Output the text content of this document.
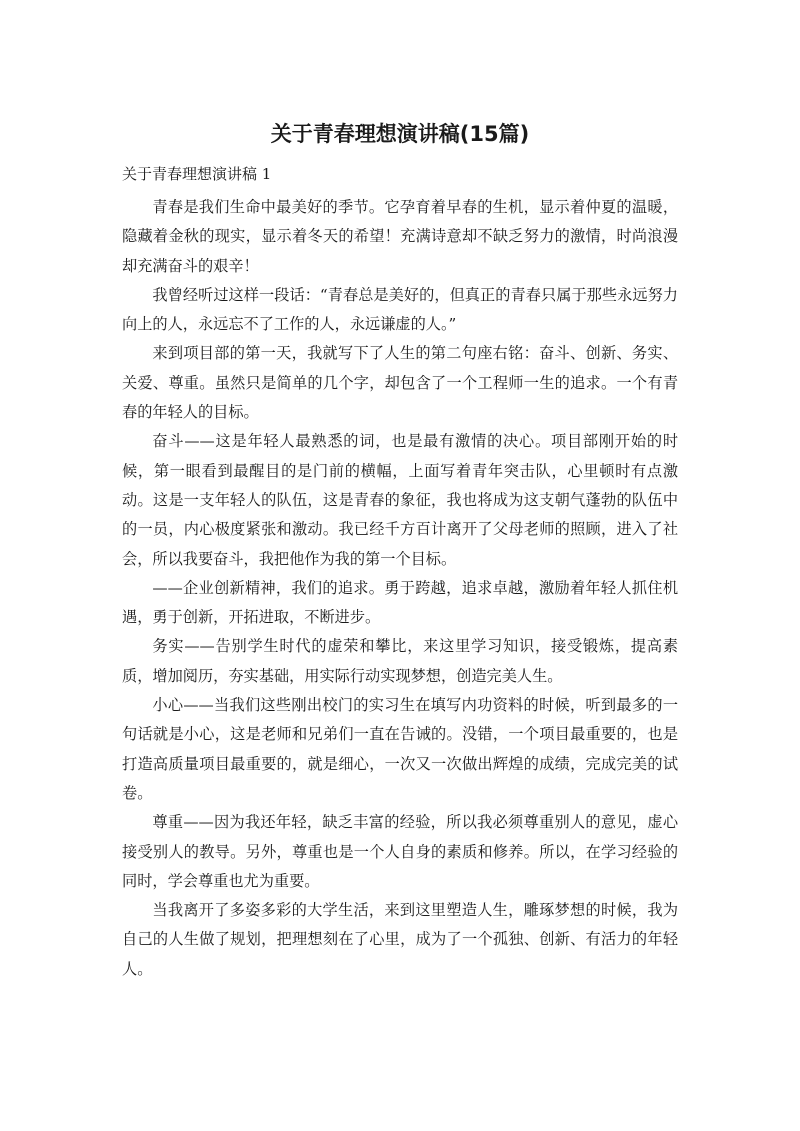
关于青春理想演讲稿(15篇)
关于青春理想演讲稿 1

青春是我们生命中最美好的季节。它孕育着早春的生机，显示着仲夏的温暖，隐藏着金秋的现实，显示着冬天的希望！充满诗意却不缺乏努力的激情，时尚浪漫却充满奋斗的艰辛！

我曾经听过这样一段话：“青春总是美好的，但真正的青春只属于那些永远努力向上的人，永远忘不了工作的人，永远谦虚的人。”

来到项目部的第一天，我就写下了人生的第二句座右铭：奋斗、创新、务实、关爱、尊重。虽然只是简单的几个字，却包含了一个工程师一生的追求。一个有青春的年轻人的目标。

奋斗——这是年轻人最熟悉的词，也是最有激情的决心。项目部刚开始的时候，第一眼看到最醒目的是门前的横幅，上面写着青年突击队，心里顿时有点激动。这是一支年轻人的队伍，这是青春的象征，我也将成为这支朝气蓬勃的队伍中的一员，内心极度紧张和激动。我已经千方百计离开了父母老师的照顾，进入了社会，所以我要奋斗，我把他作为我的第一个目标。

——企业创新精神，我们的追求。勇于跨越，追求卓越，激励着年轻人抓住机遇，勇于创新，开拓进取，不断进步。

务实——告别学生时代的虚荣和攀比，来这里学习知识，接受锻炼，提高素质，增加阅历，夯实基础，用实际行动实现梦想，创造完美人生。

小心——当我们这些刚出校门的实习生在填写内功资料的时候，听到最多的一句话就是小心，这是老师和兄弟们一直在告诫的。没错，一个项目最重要的，也是打造高质量项目最重要的，就是细心，一次又一次做出辉煌的成绩，完成完美的试卷。

尊重——因为我还年轻，缺乏丰富的经验，所以我必须尊重别人的意见，虚心接受别人的教导。另外，尊重也是一个人自身的素质和修养。所以，在学习经验的同时，学会尊重也尤为重要。

当我离开了多姿多彩的大学生活，来到这里塑造人生，雕琢梦想的时候，我为自己的人生做了规划，把理想刻在了心里，成为了一个孤独、创新、有活力的年轻人。
